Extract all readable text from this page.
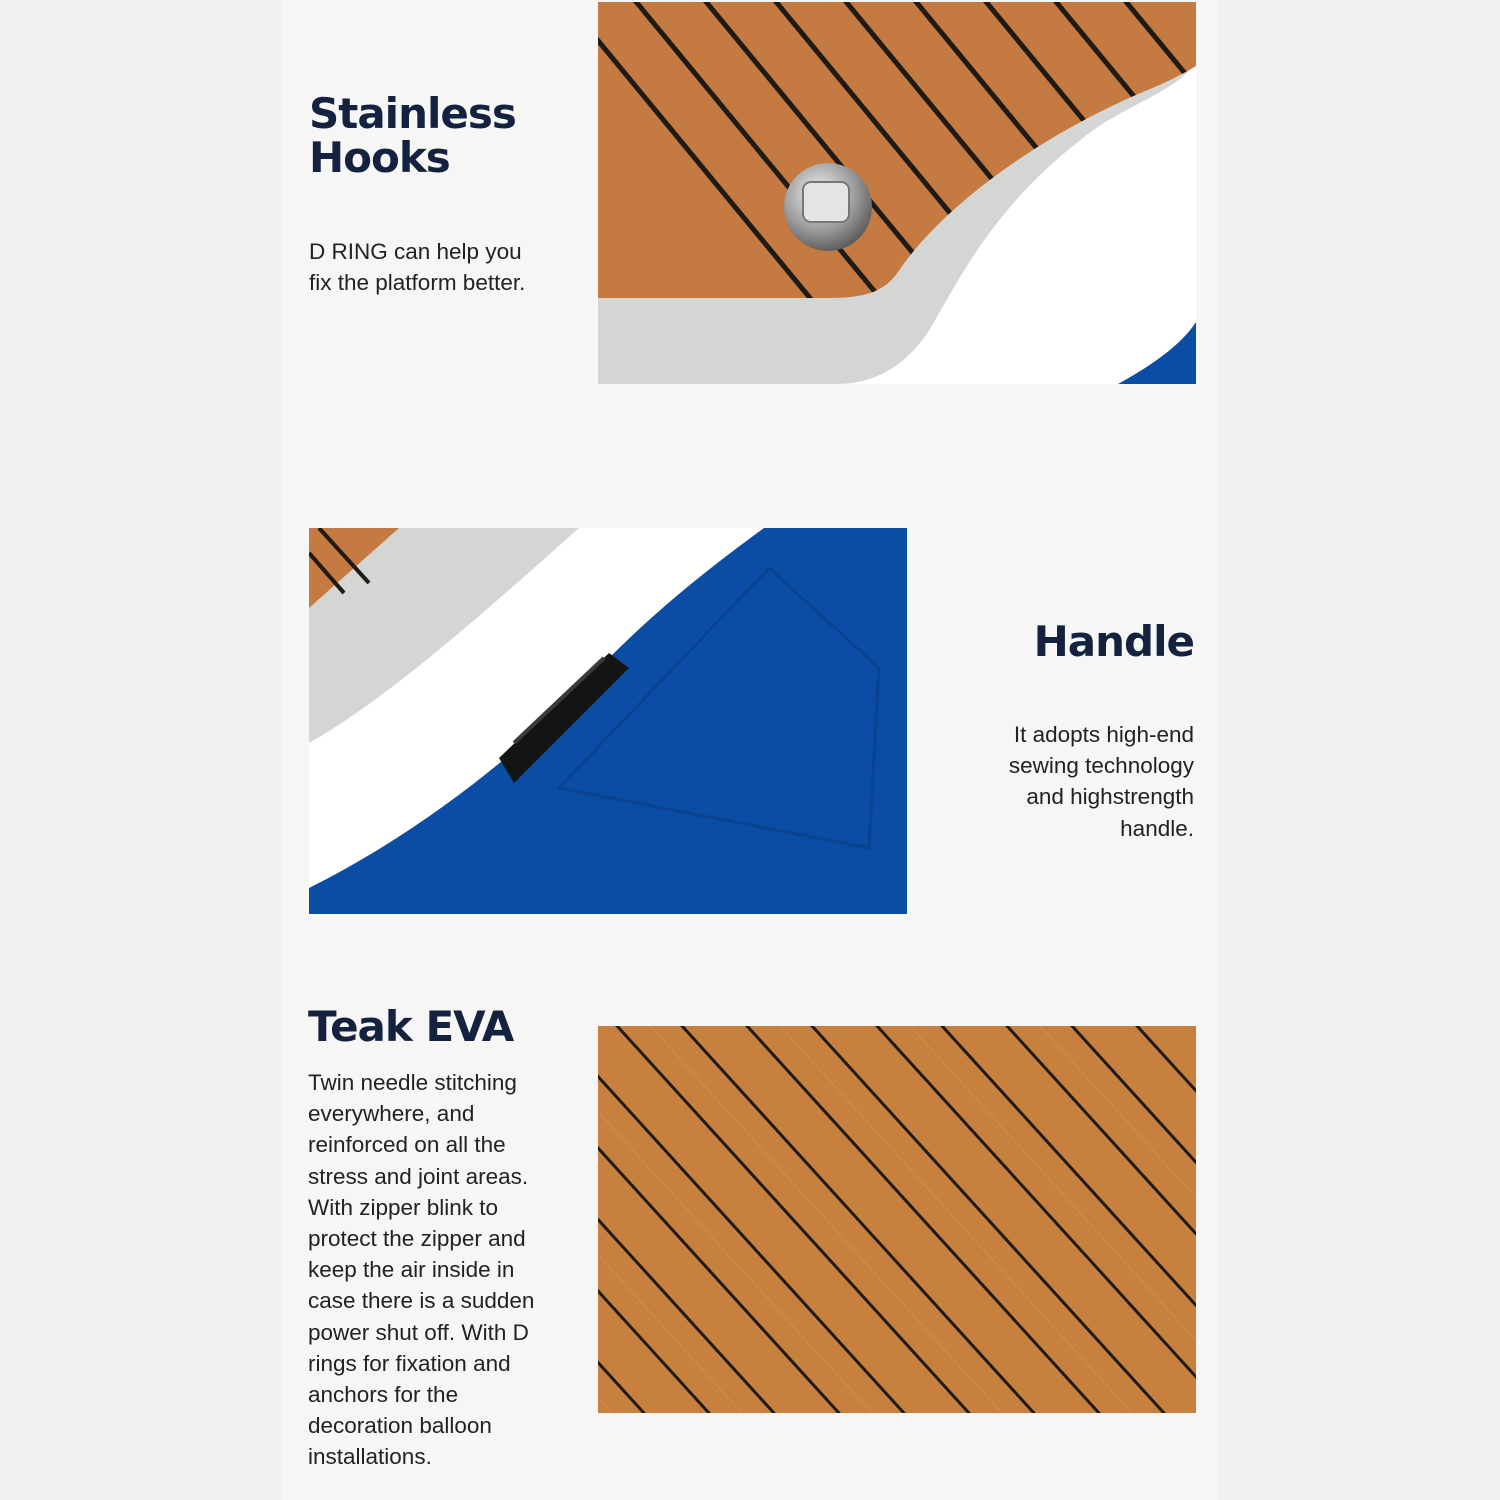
Stainless
Hooks

D RING can help you
fix the platform better.

Handle

It adopts high-end
sewing technology
and highstrength
handle.

Teak EVA

Twin needle stitching
everywhere, and
reinforced on all the
stress and joint areas.
With zipper blink to
protect the zipper and
keep the air inside in
case there is a sudden
power shut off. With D
rings for fixation and
anchors for the
decoration balloon
installations.
